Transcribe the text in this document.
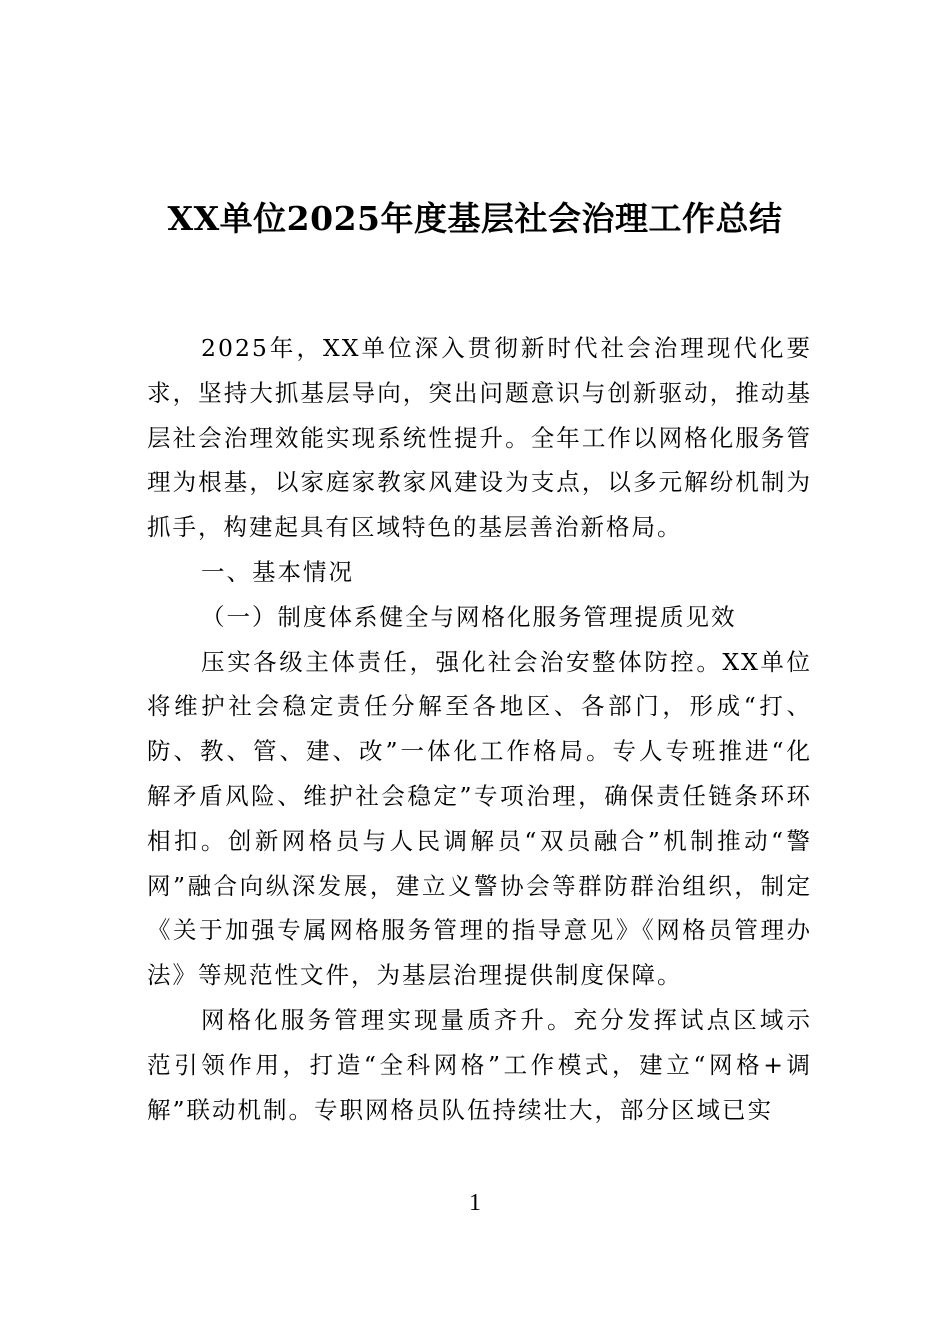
XX单位2025年度基层社会治理工作总结

2025年，XX单位深入贯彻新时代社会治理现代化要求，坚持大抓基层导向，突出问题意识与创新驱动，推动基层社会治理效能实现系统性提升。全年工作以网格化服务管理为根基，以家庭家教家风建设为支点，以多元解纷机制为抓手，构建起具有区域特色的基层善治新格局。

一、基本情况

（一）制度体系健全与网格化服务管理提质见效

压实各级主体责任，强化社会治安整体防控。XX单位将维护社会稳定责任分解至各地区、各部门，形成“打、防、教、管、建、改”一体化工作格局。专人专班推进“化解矛盾风险、维护社会稳定”专项治理，确保责任链条环环相扣。创新网格员与人民调解员“双员融合”机制推动“警网”融合向纵深发展，建立义警协会等群防群治组织，制定《关于加强专属网格服务管理的指导意见》《网格员管理办法》等规范性文件，为基层治理提供制度保障。

网格化服务管理实现量质齐升。充分发挥试点区域示范引领作用，打造“全科网格”工作模式，建立“网格+调解”联动机制。专职网格员队伍持续壮大，部分区域已实

1
